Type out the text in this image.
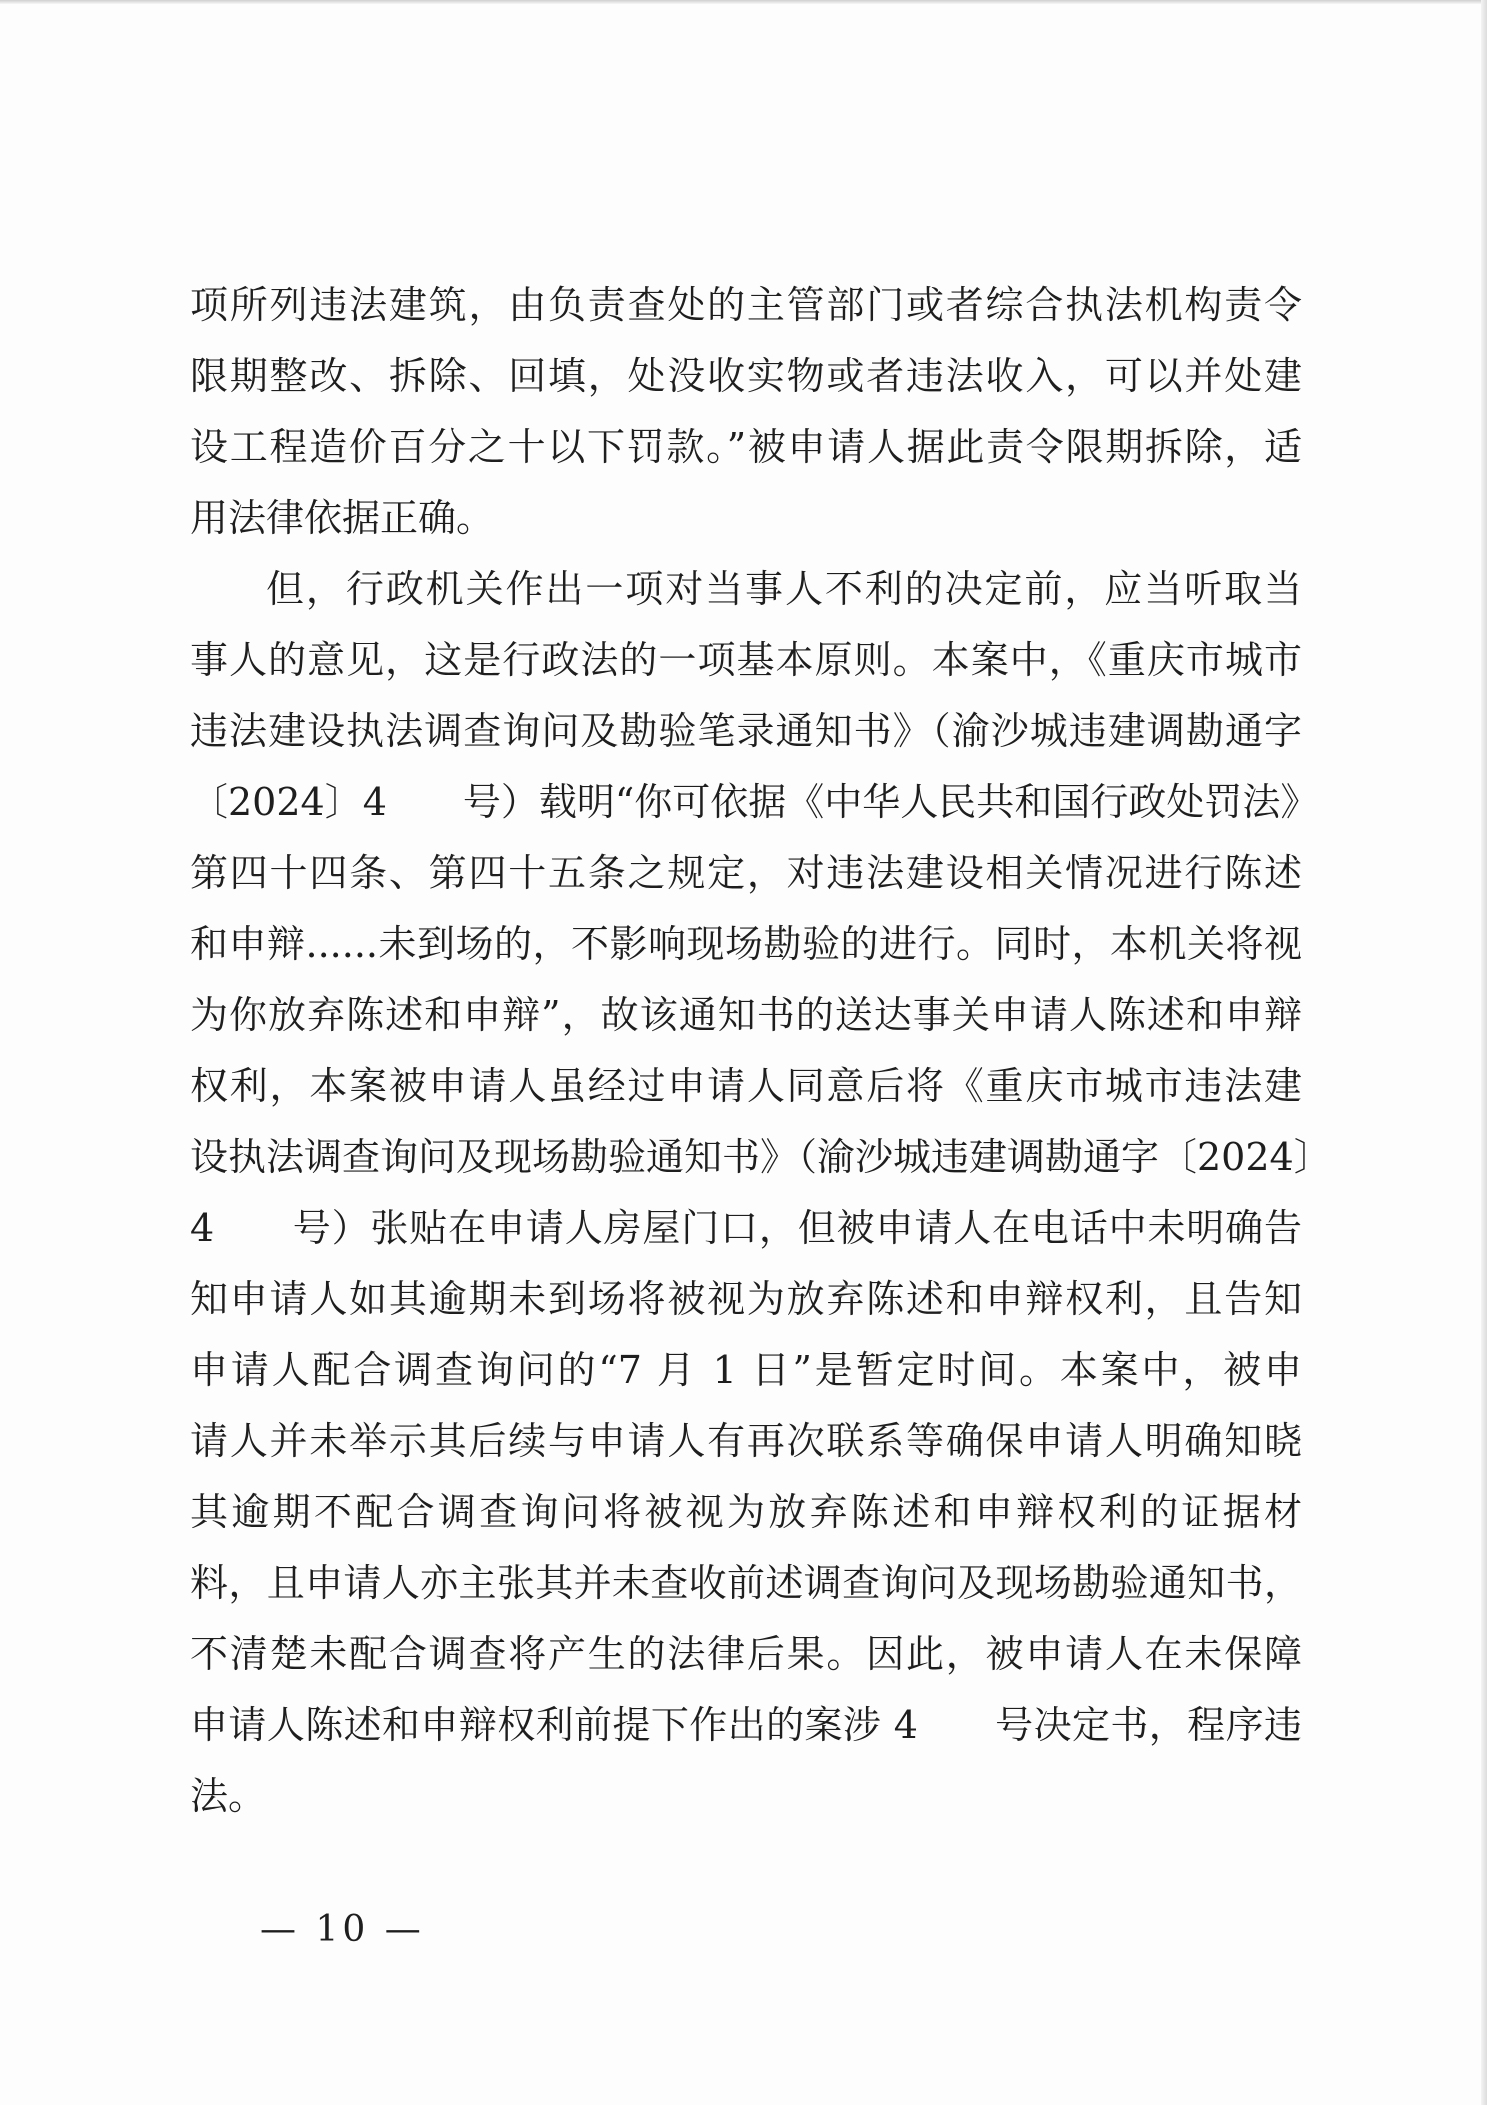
项所列违法建筑，由负责查处的主管部门或者综合执法机构责令
限期整改、拆除、回填，处没收实物或者违法收入，可以并处建
设工程造价百分之十以下罚款。”被申请人据此责令限期拆除，适
用法律依据正确。
但，行政机关作出一项对当事人不利的决定前，应当听取当
事人的意见，这是行政法的一项基本原则。本案中，《重庆市城市
违法建设执法调查询问及勘验笔录通知书》（渝沙城违建调勘通字
〔2024〕4　　号）载明“你可依据《中华人民共和国行政处罚法》
第四十四条、第四十五条之规定，对违法建设相关情况进行陈述
和申辩......未到场的，不影响现场勘验的进行。同时，本机关将视
为你放弃陈述和申辩”，故该通知书的送达事关申请人陈述和申辩
权利，本案被申请人虽经过申请人同意后将《重庆市城市违法建
设执法调查询问及现场勘验通知书》（渝沙城违建调勘通字〔2024〕
4　　号）张贴在申请人房屋门口，但被申请人在电话中未明确告
知申请人如其逾期未到场将被视为放弃陈述和申辩权利，且告知
申请人配合调查询问的“7 月 1 日”是暂定时间。本案中，被申
请人并未举示其后续与申请人有再次联系等确保申请人明确知晓
其逾期不配合调查询问将被视为放弃陈述和申辩权利的证据材
料，且申请人亦主张其并未查收前述调查询问及现场勘验通知书，
不清楚未配合调查将产生的法律后果。因此，被申请人在未保障
申请人陈述和申辩权利前提下作出的案涉 4　　号决定书，程序违
法。
— 10 —
